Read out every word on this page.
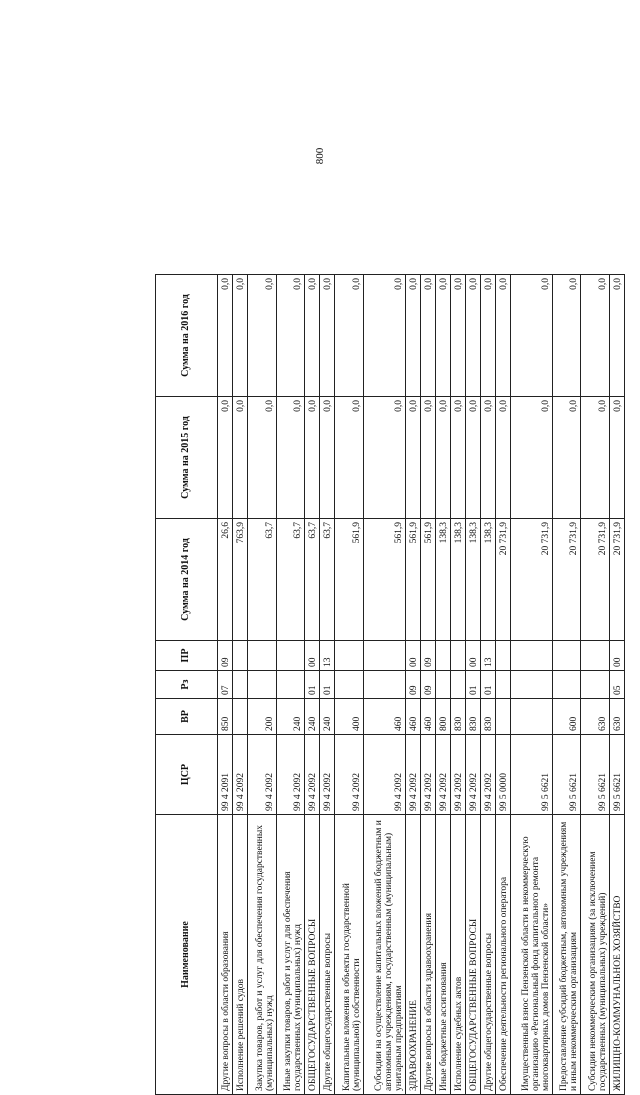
800
Наименование	ЦСР	ВР	Рз	ПР	Сумма на 2014 год	Сумма на 2015 год	Сумма на 2016 год
Другие вопросы в области образования	99 4 2091	850	07	09	26,6	0,0	0,0
Исполнение решений судов	99 4 2092				763,9	0,0	0,0
Закупка товаров, работ и услуг для обеспечения государственных (муниципальных) нужд	99 4 2092	200			63,7	0,0	0,0
Иные закупки товаров, работ и услуг для обеспечения государственных (муниципальных) нужд	99 4 2092	240			63,7	0,0	0,0
ОБЩЕГОСУДАРСТВЕННЫЕ ВОПРОСЫ	99 4 2092	240	01	00	63,7	0,0	0,0
Другие общегосударственные вопросы	99 4 2092	240	01	13	63,7	0,0	0,0
Капитальные вложения в объекты государственной (муниципальной) собственности	99 4 2092	400			561,9	0,0	0,0
Субсидии на осуществление капитальных вложений бюджетным и автономным учреждениям, государственным (муниципальным) унитарным предприятиям	99 4 2092	460			561,9	0,0	0,0
ЗДРАВООХРАНЕНИЕ	99 4 2092	460	09	00	561,9	0,0	0,0
Другие вопросы в области здравоохранения	99 4 2092	460	09	09	561,9	0,0	0,0
Иные бюджетные ассигнования	99 4 2092	800			138,3	0,0	0,0
Исполнение судебных актов	99 4 2092	830			138,3	0,0	0,0
ОБЩЕГОСУДАРСТВЕННЫЕ ВОПРОСЫ	99 4 2092	830	01	00	138,3	0,0	0,0
Другие общегосударственные вопросы	99 4 2092	830	01	13	138,3	0,0	0,0
Обеспечение деятельности регионального оператора	99 5 0000				20 731,9	0,0	0,0
Имущественный взнос Пензенской области в некоммерческую организацию «Региональный фонд капитального ремонта многоквартирных домов Пензенской области»	99 5 6621				20 731,9	0,0	0,0
Предоставление субсидий бюджетным, автономным учреждениям и иным некоммерческим организациям	99 5 6621	600			20 731,9	0,0	0,0
Субсидии некоммерческим организациям (за исключением государственных (муниципальных) учреждений)	99 5 6621	630			20 731,9	0,0	0,0
ЖИЛИЩНО-КОММУНАЛЬНОЕ ХОЗЯЙСТВО	99 5 6621	630	05	00	20 731,9	0,0	0,0
